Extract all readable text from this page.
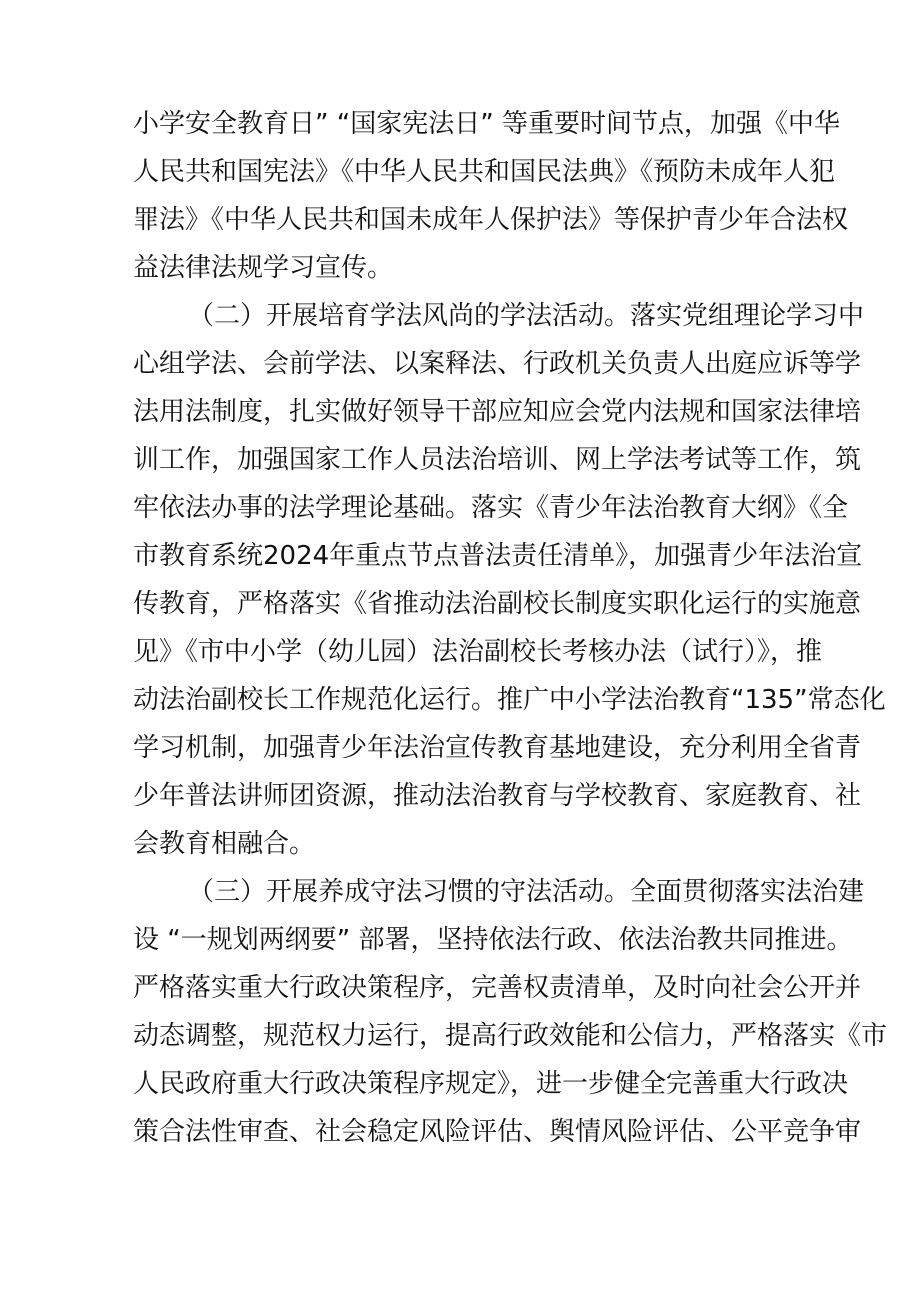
小学安全教育日” “国家宪法日” 等重要时间节点，加强《中华
人民共和国宪法》《中华人民共和国民法典》《预防未成年人犯
罪法》《中华人民共和国未成年人保护法》等保护青少年合法权
益法律法规学习宣传。
（二）开展培育学法风尚的学法活动。落实党组理论学习中
心组学法、会前学法、以案释法、行政机关负责人出庭应诉等学
法用法制度，扎实做好领导干部应知应会党内法规和国家法律培
训工作，加强国家工作人员法治培训、网上学法考试等工作，筑
牢依法办事的法学理论基础。落实《青少年法治教育大纲》《全
市教育系统2024年重点节点普法责任清单》，加强青少年法治宣
传教育，严格落实《省推动法治副校长制度实职化运行的实施意
见》《市中小学（幼儿园）法治副校长考核办法（试行）》，推
动法治副校长工作规范化运行。推广中小学法治教育“135”常态化
学习机制，加强青少年法治宣传教育基地建设，充分利用全省青
少年普法讲师团资源，推动法治教育与学校教育、家庭教育、社
会教育相融合。
（三）开展养成守法习惯的守法活动。全面贯彻落实法治建
设 “一规划两纲要” 部署，坚持依法行政、依法治教共同推进。
严格落实重大行政决策程序，完善权责清单，及时向社会公开并
动态调整，规范权力运行，提高行政效能和公信力，严格落实《市
人民政府重大行政决策程序规定》，进一步健全完善重大行政决
策合法性审查、社会稳定风险评估、舆情风险评估、公平竞争审
